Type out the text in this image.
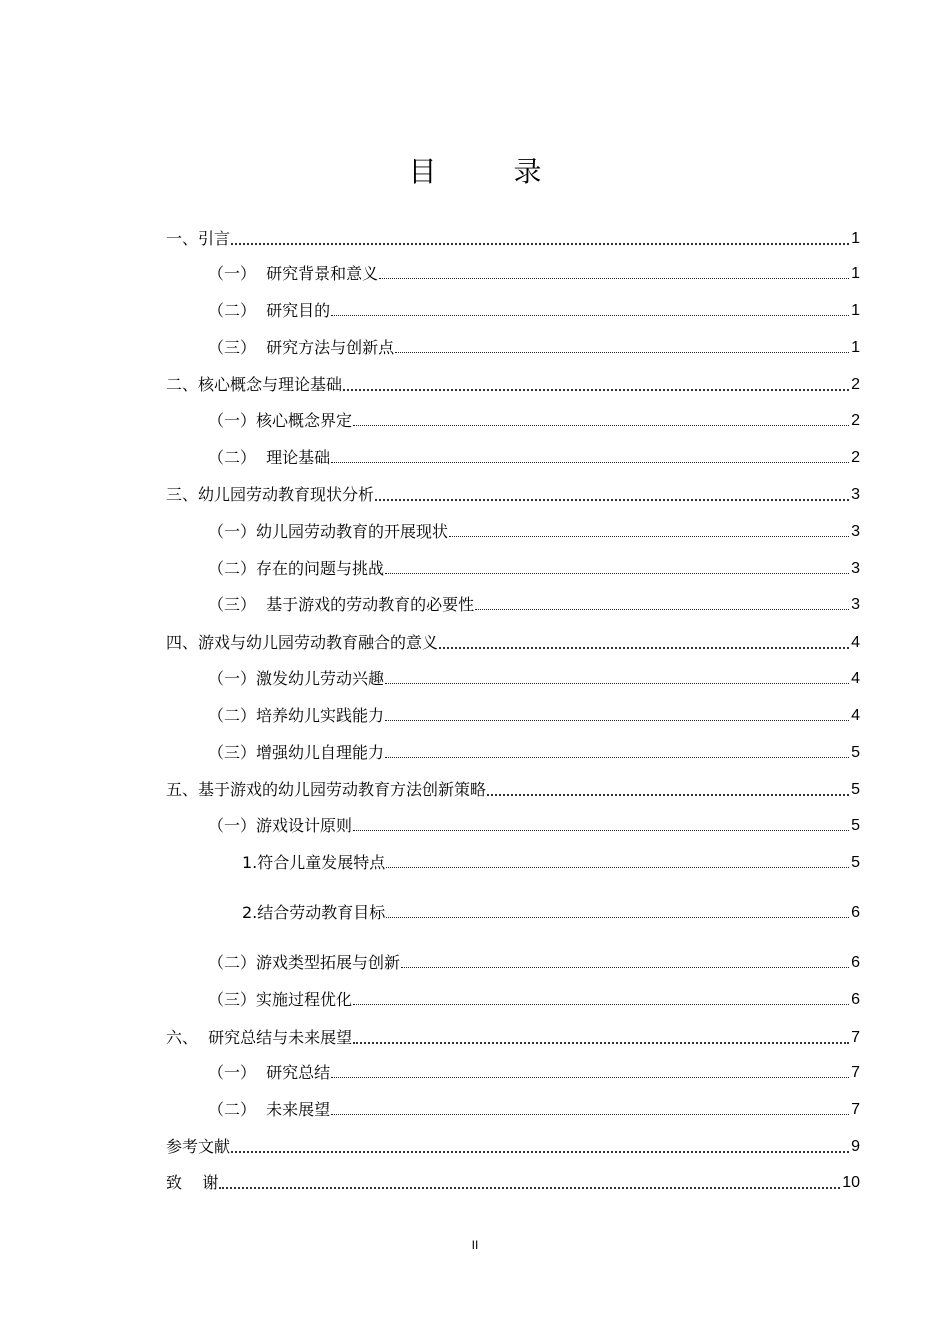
目 录
一、引言	1
（一）  研究背景和意义	1
（二）  研究目的	1
（三）  研究方法与创新点	1
二、核心概念与理论基础	2
（一）核心概念界定	2
（二）  理论基础	2
三、幼儿园劳动教育现状分析	3
（一）幼儿园劳动教育的开展现状	3
（二）存在的问题与挑战	3
（三）  基于游戏的劳动教育的必要性	3
四、游戏与幼儿园劳动教育融合的意义	4
（一）激发幼儿劳动兴趣	4
（二）培养幼儿实践能力	4
（三）增强幼儿自理能力	5
五、基于游戏的幼儿园劳动教育方法创新策略	5
（一）游戏设计原则	5
1.符合儿童发展特点	5
2.结合劳动教育目标	6
（二）游戏类型拓展与创新	6
（三）实施过程优化	6
六、  研究总结与未来展望	7
（一）  研究总结	7
（二）  未来展望	7
参考文献	9
致    谢	10
II
